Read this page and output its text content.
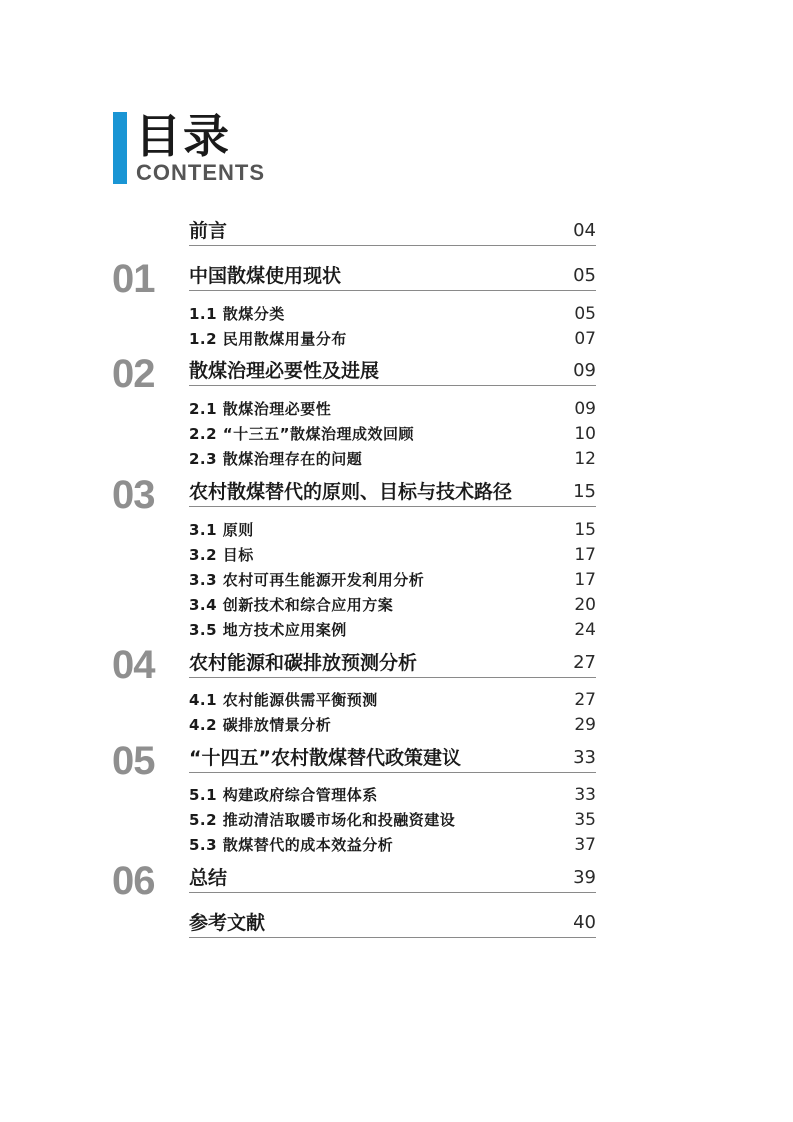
目录
CONTENTS
前言	04
01 中国散煤使用现状	05
1.1 散煤分类	05
1.2 民用散煤用量分布	07
02 散煤治理必要性及进展	09
2.1 散煤治理必要性	09
2.2 “十三五”散煤治理成效回顾	10
2.3 散煤治理存在的问题	12
03 农村散煤替代的原则、目标与技术路径	15
3.1 原则	15
3.2 目标	17
3.3 农村可再生能源开发利用分析	17
3.4 创新技术和综合应用方案	20
3.5 地方技术应用案例	24
04 农村能源和碳排放预测分析	27
4.1 农村能源供需平衡预测	27
4.2 碳排放情景分析	29
05 “十四五”农村散煤替代政策建议	33
5.1 构建政府综合管理体系	33
5.2 推动清洁取暖市场化和投融资建设	35
5.3 散煤替代的成本效益分析	37
06 总结	39
参考文献	40
